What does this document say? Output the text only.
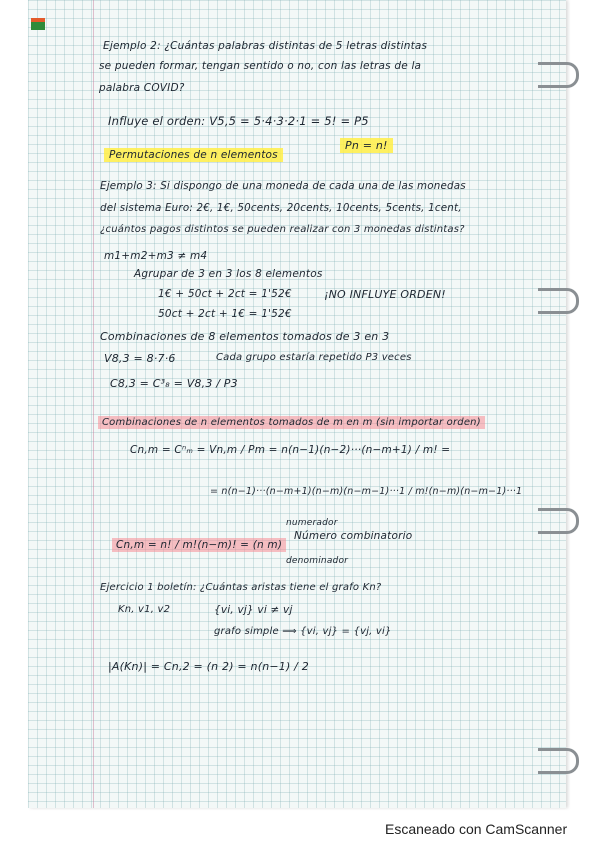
Ejemplo 2: ¿Cuántas palabras distintas de 5 letras distintas
se pueden formar, tengan sentido o no, con las letras de la
palabra COVID?
Influye el orden: V5,5 = 5·4·3·2·1 = 5! = P5
Permutaciones de n elementos
Pn = n!
Ejemplo 3: Si dispongo de una moneda de cada una de las monedas
del sistema Euro: 2€, 1€, 50cents, 20cents, 10cents, 5cents, 1cent,
¿cuántos pagos distintos se pueden realizar con 3 monedas distintas?
m1+m2+m3 ≠ m4
Agrupar de 3 en 3 los 8 elementos
1€ + 50ct + 2ct = 1'52€	¡NO INFLUYE ORDEN!
50ct + 2ct + 1€ = 1'52€
Combinaciones de 8 elementos tomados de 3 en 3
V8,3 = 8·7·6	Cada grupo estaría repetido P3 veces
C8,3 = C³₈ = V8,3 / P3
Combinaciones de n elementos tomados de m en m (sin importar orden)
Cn,m = Cⁿₘ = Vn,m / Pm = n(n−1)(n−2)···(n−m+1) / m! =
= n(n−1)···(n−m+1)(n−m)(n−m−1)···1 / m!(n−m)(n−m−1)···1
Cn,m = n! / m!(n−m)! = (n m)
Número combinatorio
numerador
denominador
Ejercicio 1 boletín: ¿Cuántas aristas tiene el grafo Kn?
Kn, v1, v2	{vi, vj} vi ≠ vj
grafo simple ⟹ {vi, vj} = {vj, vi}
|A(Kn)| = Cn,2 = (n 2) = n(n−1) / 2
Escaneado con CamScanner
